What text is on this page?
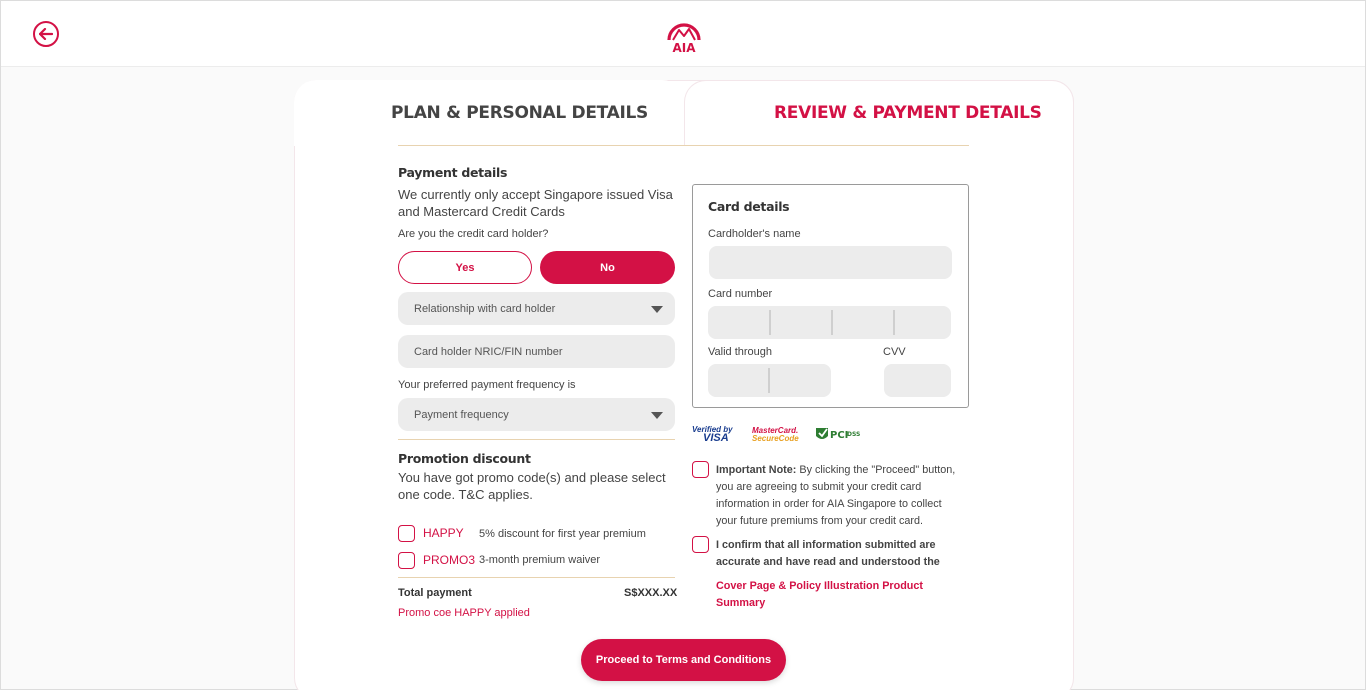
AIA
PLAN & PERSONAL DETAILS	REVIEW & PAYMENT DETAILS
Payment details
We currently only accept Singapore issued Visa
and Mastercard Credit Cards
Are you the credit card holder?
Yes	No
Relationship with card holder
Card holder NRIC/FIN number
Your preferred payment frequency is
Payment frequency
Promotion discount
You have got promo code(s) and please select
one code. T&C applies.
HAPPY 5% discount for first year premium
PROMO3 3-month premium waiver
Total payment	S$XXX.XX
Promo coe HAPPY applied
Card details
Cardholder's name
Card number
Valid through	CVV
Verified by
VISA
MasterCard.
SecureCode	PCI
DSS
Important Note: By clicking the "Proceed" button,
you are agreeing to submit your credit card
information in order for AIA Singapore to collect
your future premiums from your credit card.
I confirm that all information submitted are
accurate and have read and understood the
Cover Page & Policy Illustration Product
Summary
Proceed to Terms and Conditions
